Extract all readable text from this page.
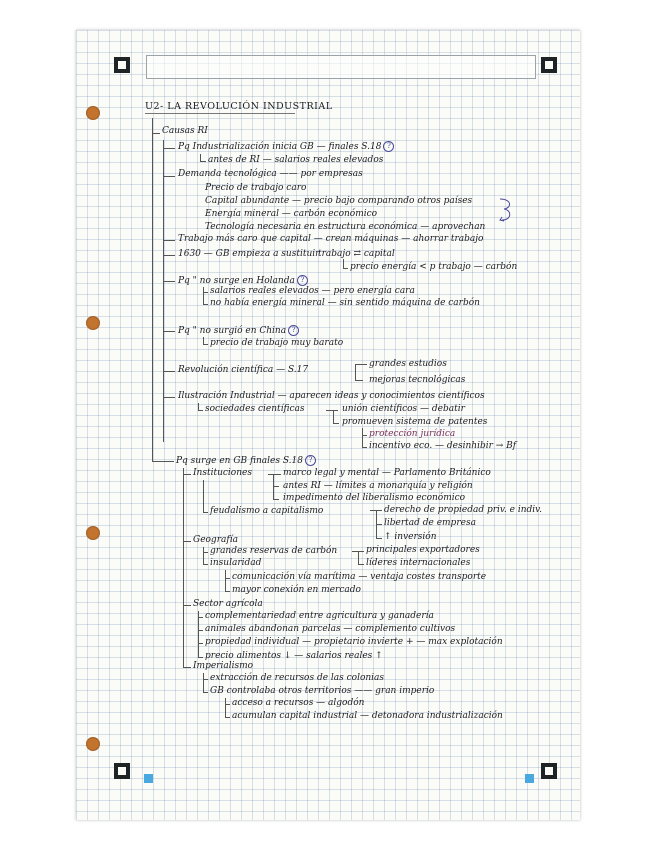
U2- LA REVOLUCIÓN INDUSTRIAL

Causas RI

Pq Industrialización inicia GB — finales S.18 ?

antes de RI — salarios reales elevados

Demanda tecnológica —— por empresas

Precio de trabajo caro

Capital abundante — precio bajo comparando otros países

Energía mineral — carbón económico

Tecnología necesaria en estructura económica — aprovechan

Trabajo más caro que capital — crean máquinas — ahorrar trabajo

1630 — GB empieza a sustituir

trabajo ⇄ capital

precio energía < p trabajo — carbón

Pq " no surge en Holanda ?

salarios reales elevados — pero energía cara

no había energía mineral — sin sentido máquina de carbón

Pq " no surgió en China ?

precio de trabajo muy barato

Revolución científica — S.17

grandes estudios

mejoras tecnológicas

Ilustración Industrial — aparecen ideas y conocimientos científicos

sociedades científicas	unión científicos — debatir

promueven sistema de patentes

protección jurídica

incentivo eco. — desinhibir → Bf

Pq surge en GB finales S.18 ?

Instituciones	marco legal y mental — Parlamento Británico

antes RI — límites a monarquía y religión

impedimento del liberalismo económico

feudalismo a capitalismo	derecho de propiedad priv. e indiv.

libertad de empresa

↑ inversión

Geografía

grandes reservas de carbón	principales exportadores

insularidad	líderes internacionales

comunicación vía marítima — ventaja costes transporte

mayor conexión en mercado

Sector agrícola

complementariedad entre agricultura y ganadería

animales abandonan parcelas — complemento cultivos

propiedad individual — propietario invierte + — max explotación

precio alimentos ↓ — salarios reales ↑

Imperialismo

extracción de recursos de las colonias

GB controlaba otros territorios —— gran imperio

acceso a recursos — algodón

acumulan capital industrial — detonadora industrialización
